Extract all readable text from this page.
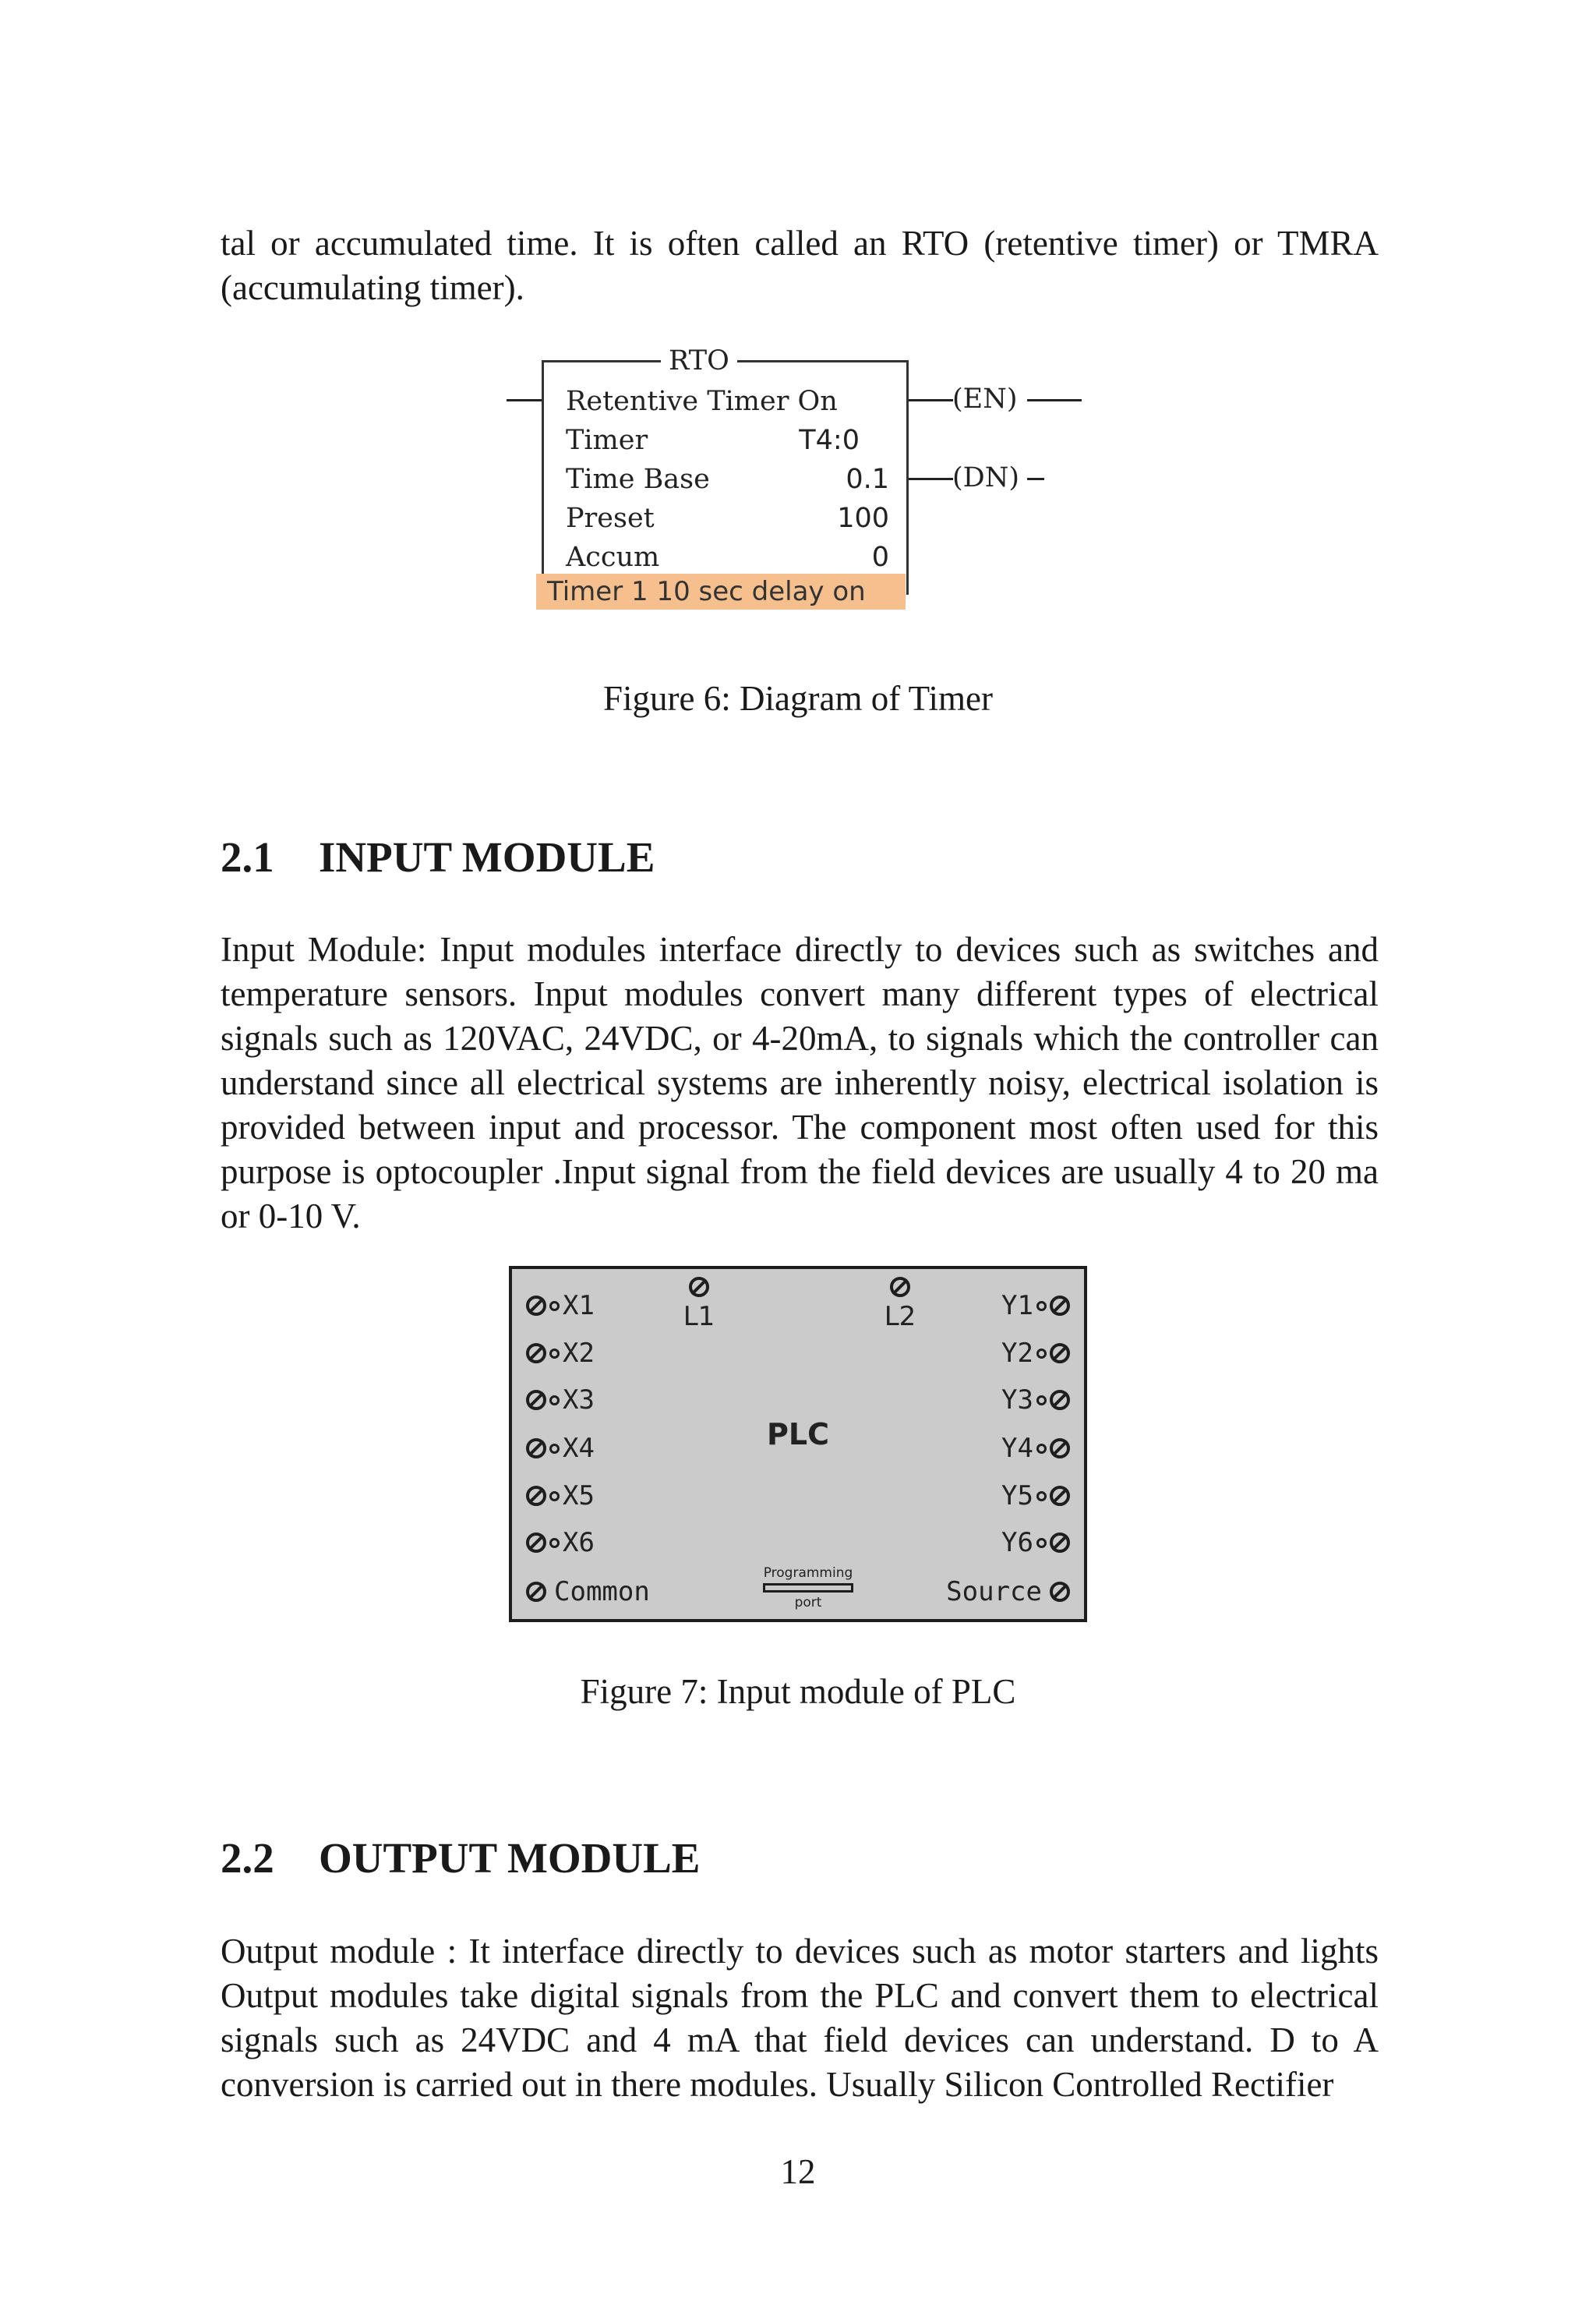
tal or accumulated time. It is often called an RTO (retentive timer) or TMRA (accumulating timer).

RTO
Retentive Timer On
Timer	T4:0
Time Base	0.1
Preset	100
Accum	0
Timer 1 10 sec delay on
(EN)
(DN)

Figure 6: Diagram of Timer

2.1 INPUT MODULE

Input Module: Input modules interface directly to devices such as switches and temperature sensors. Input modules convert many different types of electrical signals such as 120VAC, 24VDC, or 4-20mA, to signals which the controller can understand since all electrical systems are inherently noisy, electrical isolation is provided between input and processor. The component most often used for this purpose is optocoupler .Input signal from the field devices are usually 4 to 20 ma or 0-10 V.

X1
X2
X3
X4
X5
X6
Common
Y1
Y2
Y3
Y4
Y5
Y6
Source

L1	L2
PLC
Programming
port

Figure 7: Input module of PLC

2.2 OUTPUT MODULE

Output module : It interface directly to devices such as motor starters and lights Output modules take digital signals from the PLC and convert them to electrical signals such as 24VDC and 4 mA that field devices can understand. D to A conversion is carried out in there modules. Usually Silicon Controlled Rectifier

12
